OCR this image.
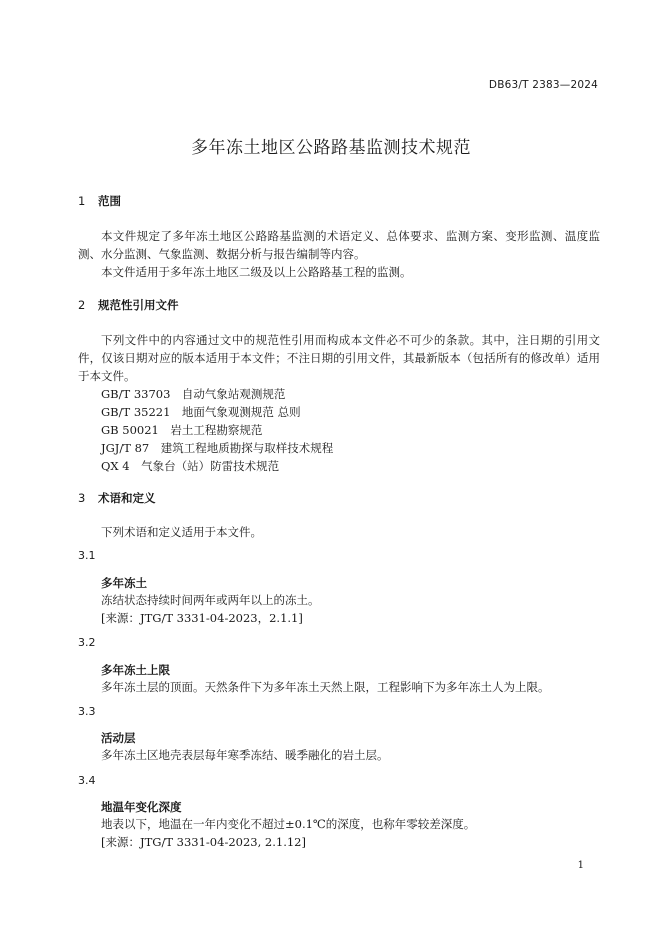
DB63/T 2383—2024
多年冻土地区公路路基监测技术规范
1 范围
本文件规定了多年冻土地区公路路基监测的术语定义、总体要求、监测方案、变形监测、温度监测、水分监测、气象监测、数据分析与报告编制等内容。
本文件适用于多年冻土地区二级及以上公路路基工程的监测。
2 规范性引用文件
下列文件中的内容通过文中的规范性引用而构成本文件必不可少的条款。其中，注日期的引用文件，仅该日期对应的版本适用于本文件；不注日期的引用文件，其最新版本（包括所有的修改单）适用于本文件。
GB/T 33703　自动气象站观测规范
GB/T 35221　地面气象观测规范 总则
GB 50021　岩土工程勘察规范
JGJ/T 87　建筑工程地质勘探与取样技术规程
QX 4　气象台（站）防雷技术规范
3 术语和定义
下列术语和定义适用于本文件。
3.1
多年冻土
冻结状态持续时间两年或两年以上的冻土。
[来源：JTG/T 3331-04-2023，2.1.1]
3.2
多年冻土上限
多年冻土层的顶面。天然条件下为多年冻土天然上限，工程影响下为多年冻土人为上限。
3.3
活动层
多年冻土区地壳表层每年寒季冻结、暖季融化的岩土层。
3.4
地温年变化深度
地表以下，地温在一年内变化不超过±0.1℃的深度，也称年零较差深度。
[来源：JTG/T 3331-04-2023, 2.1.12]
1
